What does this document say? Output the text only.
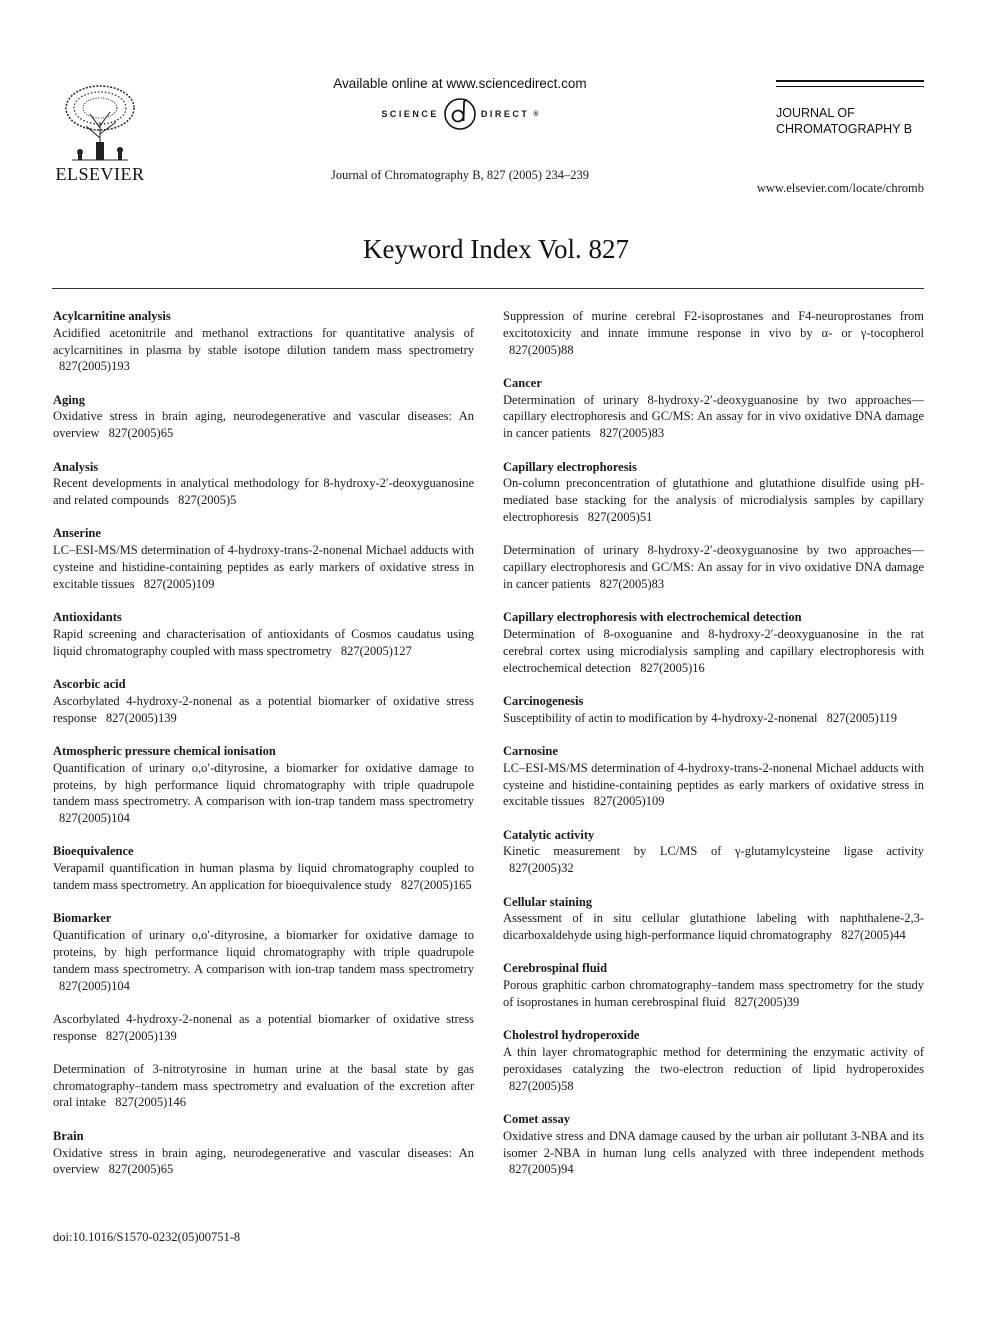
ELSEVIER
Available online at www.sciencedirect.com
SCIENCE	DIRECT ®
Journal of Chromatography B, 827 (2005) 234–239
JOURNAL OF
CHROMATOGRAPHY B
www.elsevier.com/locate/chromb
Keyword Index Vol. 827
Acylcarnitine analysis

Acidified acetonitrile and methanol extractions for quantitative analysis of acylcarnitines in plasma by stable isotope dilution tandem mass spectrometry 827(2005)193

Aging

Oxidative stress in brain aging, neurodegenerative and vascular diseases: An overview 827(2005)65

Analysis

Recent developments in analytical methodology for 8-hydroxy-2′-deoxyguanosine and related compounds 827(2005)5

Anserine

LC–ESI-MS/MS determination of 4-hydroxy-trans-2-nonenal Michael adducts with cysteine and histidine-containing peptides as early markers of oxidative stress in excitable tissues 827(2005)109

Antioxidants

Rapid screening and characterisation of antioxidants of Cosmos caudatus using liquid chromatography coupled with mass spectrometry 827(2005)127

Ascorbic acid

Ascorbylated 4-hydroxy-2-nonenal as a potential biomarker of oxidative stress response 827(2005)139

Atmospheric pressure chemical ionisation

Quantification of urinary o,o′-dityrosine, a biomarker for oxidative damage to proteins, by high performance liquid chromatography with triple quadrupole tandem mass spectrometry. A comparison with ion-trap tandem mass spectrometry 827(2005)104

Bioequivalence

Verapamil quantification in human plasma by liquid chromatography coupled to tandem mass spectrometry. An application for bioequivalence study 827(2005)165

Biomarker

Quantification of urinary o,o′-dityrosine, a biomarker for oxidative damage to proteins, by high performance liquid chromatography with triple quadrupole tandem mass spectrometry. A comparison with ion-trap tandem mass spectrometry 827(2005)104

Ascorbylated 4-hydroxy-2-nonenal as a potential biomarker of oxidative stress response 827(2005)139

Determination of 3-nitrotyrosine in human urine at the basal state by gas chromatography–tandem mass spectrometry and evaluation of the excretion after oral intake 827(2005)146

Brain

Oxidative stress in brain aging, neurodegenerative and vascular diseases: An overview 827(2005)65

Suppression of murine cerebral F2-isoprostanes and F4-neuroprostanes from excitotoxicity and innate immune response in vivo by α- or γ-tocopherol 827(2005)88

Cancer

Determination of urinary 8-hydroxy-2′-deoxyguanosine by two approaches—capillary electrophoresis and GC/MS: An assay for in vivo oxidative DNA damage in cancer patients 827(2005)83

Capillary electrophoresis

On-column preconcentration of glutathione and glutathione disulfide using pH-mediated base stacking for the analysis of microdialysis samples by capillary electrophoresis 827(2005)51

Determination of urinary 8-hydroxy-2′-deoxyguanosine by two approaches—capillary electrophoresis and GC/MS: An assay for in vivo oxidative DNA damage in cancer patients 827(2005)83

Capillary electrophoresis with electrochemical detection

Determination of 8-oxoguanine and 8-hydroxy-2′-deoxyguanosine in the rat cerebral cortex using microdialysis sampling and capillary electrophoresis with electrochemical detection 827(2005)16

Carcinogenesis

Susceptibility of actin to modification by 4-hydroxy-2-nonenal 827(2005)119

Carnosine

LC–ESI-MS/MS determination of 4-hydroxy-trans-2-nonenal Michael adducts with cysteine and histidine-containing peptides as early markers of oxidative stress in excitable tissues 827(2005)109

Catalytic activity

Kinetic measurement by LC/MS of γ-glutamylcysteine ligase activity 827(2005)32

Cellular staining

Assessment of in situ cellular glutathione labeling with naphthalene-2,3-dicarboxaldehyde using high-performance liquid chromatography 827(2005)44

Cerebrospinal fluid

Porous graphitic carbon chromatography–tandem mass spectrometry for the study of isoprostanes in human cerebrospinal fluid 827(2005)39

Cholestrol hydroperoxide

A thin layer chromatographic method for determining the enzymatic activity of peroxidases catalyzing the two-electron reduction of lipid hydroperoxides 827(2005)58

Comet assay

Oxidative stress and DNA damage caused by the urban air pollutant 3-NBA and its isomer 2-NBA in human lung cells analyzed with three independent methods 827(2005)94

doi:10.1016/S1570-0232(05)00751-8
